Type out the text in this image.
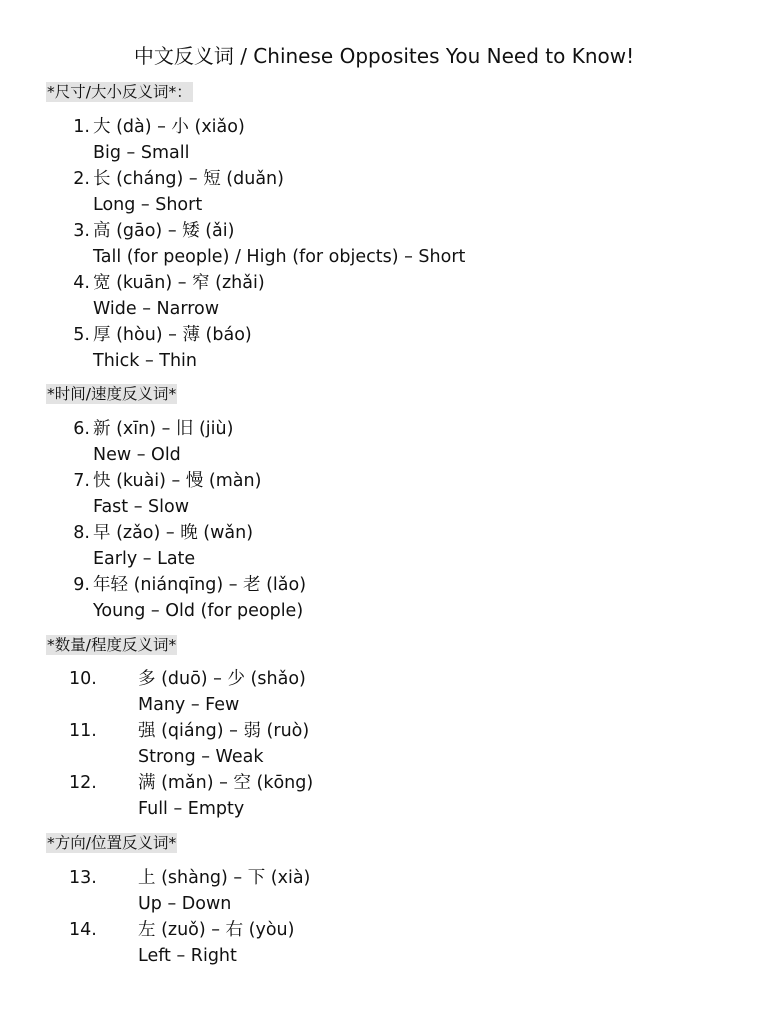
中文反义词 / Chinese Opposites You Need to Know!
*尺寸/大小反义词*：
1. 大 (dà) – 小 (xiǎo)
Big – Small
2. 长 (cháng) – 短 (duǎn)
Long – Short
3. 高 (gāo) – 矮 (ǎi)
Tall (for people) / High (for objects) – Short
4. 宽 (kuān) – 窄 (zhǎi)
Wide – Narrow
5. 厚 (hòu) – 薄 (báo)
Thick – Thin
*时间/速度反义词*
6. 新 (xīn) – 旧 (jiù)
New – Old
7. 快 (kuài) – 慢 (màn)
Fast – Slow
8. 早 (zǎo) – 晚 (wǎn)
Early – Late
9. 年轻 (niánqīng) – 老 (lǎo)
Young – Old (for people)
*数量/程度反义词*
10. 多 (duō) – 少 (shǎo)
Many – Few
11. 强 (qiáng) – 弱 (ruò)
Strong – Weak
12. 满 (mǎn) – 空 (kōng)
Full – Empty
*方向/位置反义词*
13. 上 (shàng) – 下 (xià)
Up – Down
14. 左 (zuǒ) – 右 (yòu)
Left – Right
